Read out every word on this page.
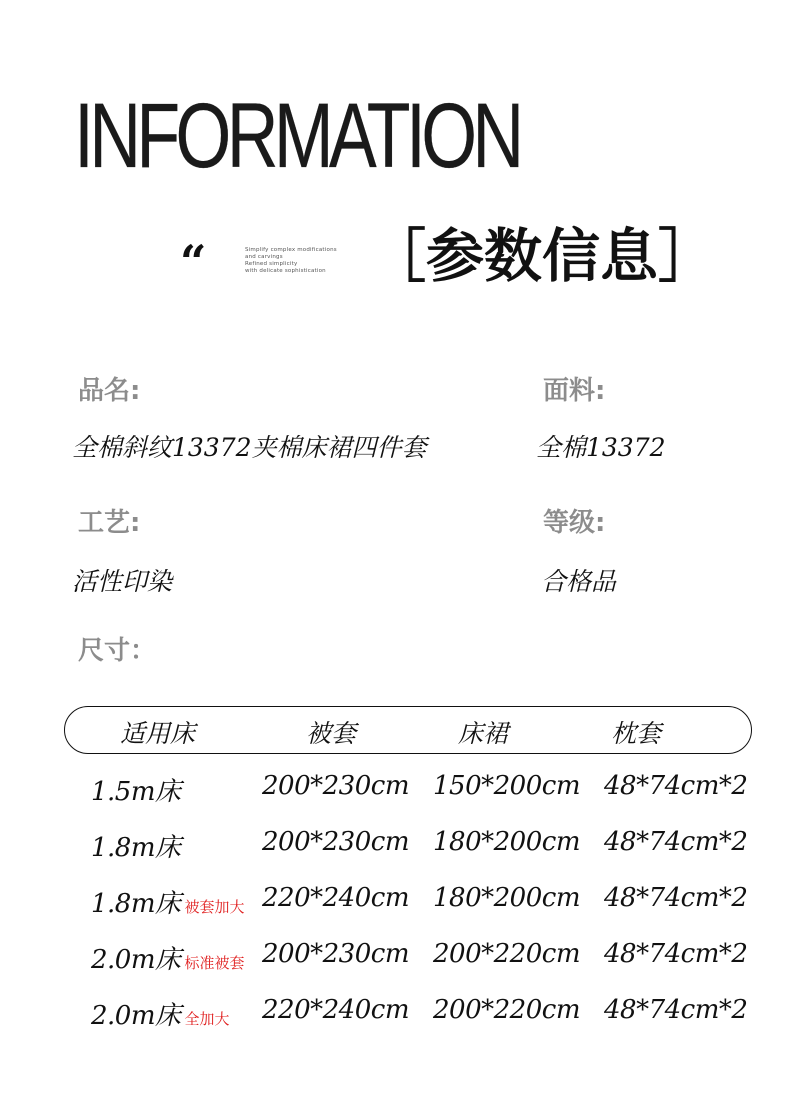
INFORMATION
“	Simplify complex modifications
and carvings
Refined simplicity
with delicate sophistication ［参数信息］
品名:
全棉斜纹13372夹棉床裙四件套
面料:
全棉13372
工艺:
活性印染
等级:
合格品
尺寸：
适用床	被套	床裙	枕套
1.5m床	200*230cm 150*200cm 48*74cm*2
1.8m床	200*230cm 180*200cm 48*74cm*2
1.8m床 被套加大 220*240cm 180*200cm 48*74cm*2
2.0m床 标准被套 200*230cm 200*220cm 48*74cm*2
2.0m床 全加大 220*240cm 200*220cm 48*74cm*2
